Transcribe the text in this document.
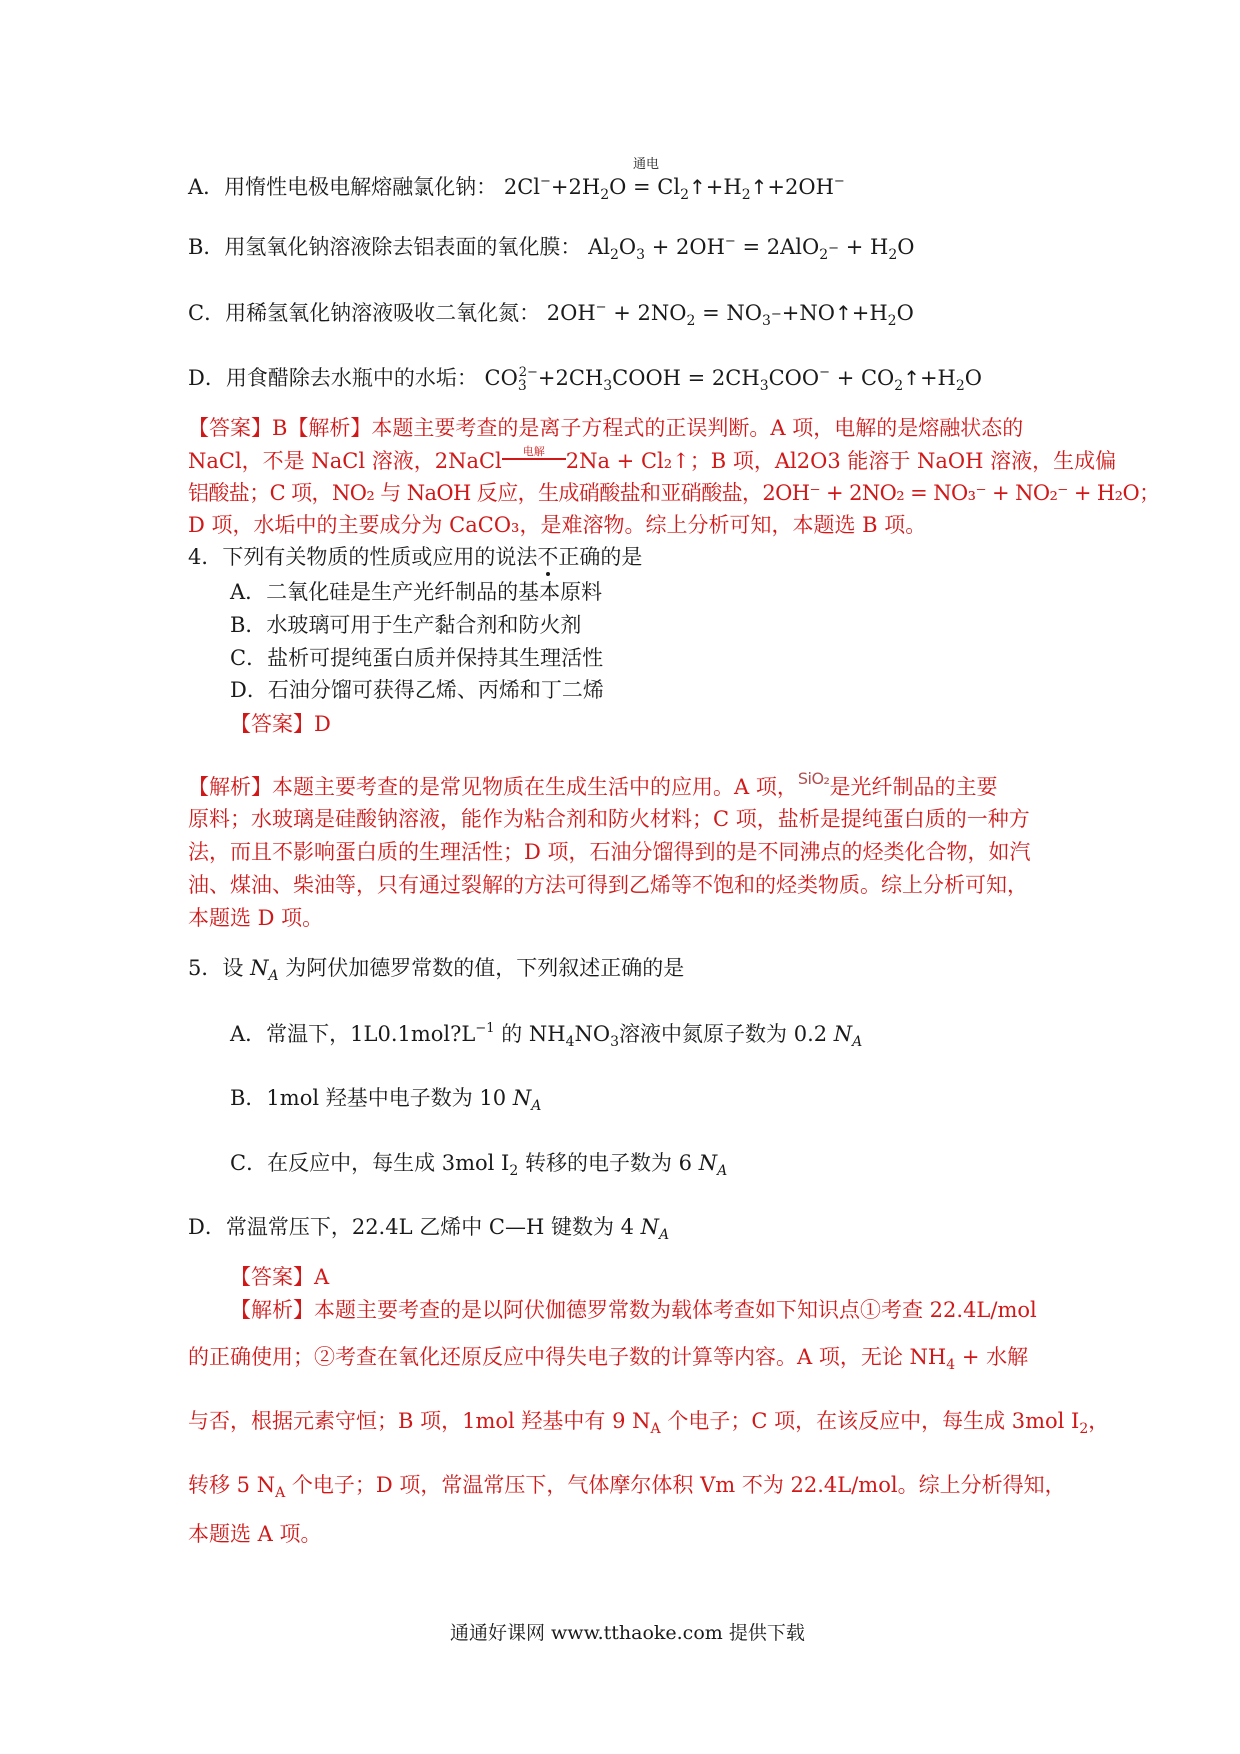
A．用惰性电极电解熔融氯化钠： $2Cl^-+2H_2O$
通电
= $Cl_2↑+H_2↑+2OH^-$
B．用氢氧化钠溶液除去铝表面的氧化膜： $Al_2O_3 + 2OH^- = 2AlO_2^- + H_2O$
C．用稀氢氧化钠溶液吸收二氧化氮： $2OH^- + 2NO_2$ = $NO_3^-+NO↑+H_2O$
D．用食醋除去水瓶中的水垢： $CO_3^{2-}+2CH_3COOH = 2CH_3COO^-$ + $CO_2↑+H_2O$
【答案】B【解析】本题主要考查的是离子方程式的正误判断。A 项，电解的是熔融状态的
NaCl，不是 NaCl 溶液，2NaCl	电解	2Na + Cl₂↑；B 项，Al2O3 能溶于 NaOH 溶液，生成偏
铝酸盐；C 项，NO₂ 与 NaOH 反应，生成硝酸盐和亚硝酸盐，2OH⁻ + 2NO₂ = NO₃⁻ + NO₂⁻ + H₂O；
D 项，水垢中的主要成分为 CaCO₃，是难溶物。综上分析可知，本题选 B 项。
4．下列有关物质的性质或应用的说法不正确的是
A．二氧化硅是生产光纤制品的基本原料
B．水玻璃可用于生产黏合剂和防火剂
C．盐析可提纯蛋白质并保持其生理活性
D．石油分馏可获得乙烯、丙烯和丁二烯
【答案】D
【解析】本题主要考查的是常见物质在生成生活中的应用。A 项，SiO₂是光纤制品的主要
原料；水玻璃是硅酸钠溶液，能作为粘合剂和防火材料；C 项，盐析是提纯蛋白质的一种方
法，而且不影响蛋白质的生理活性；D 项，石油分馏得到的是不同沸点的烃类化合物，如汽
油、煤油、柴油等，只有通过裂解的方法可得到乙烯等不饱和的烃类物质。综上分析可知，
本题选 D 项。
5．设 $N_A$ 为阿伏加德罗常数的值，下列叙述正确的是
A．常温下，$1L0.1mol?L^{-1}$ 的 $NH_4NO_3$溶液中氮原子数为 0.2 $N_A$
B．1mol 羟基中电子数为 10 $N_A$
C．在反应中，每生成 3mol $I_2$ 转移的电子数为 6 $N_A$
D．常温常压下，22.4L 乙烯中 C—H 键数为 4 $N_A$
【答案】A
【解析】本题主要考查的是以阿伏伽德罗常数为载体考查如下知识点①考查 22.4L/mol
的正确使用；②考查在氧化还原反应中得失电子数的计算等内容。A 项，无论 $NH_4$ + 水解
与否，根据元素守恒；B 项，1mol 羟基中有 9 $N_A$ 个电子；C 项，在该反应中，每生成 3mol $I_2$，
转移 5 $N_A$ 个电子；D 项，常温常压下，气体摩尔体积 Vm 不为 22.4L/mol。综上分析得知，
本题选 A 项。
通通好课网 www.tthaoke.com 提供下载
